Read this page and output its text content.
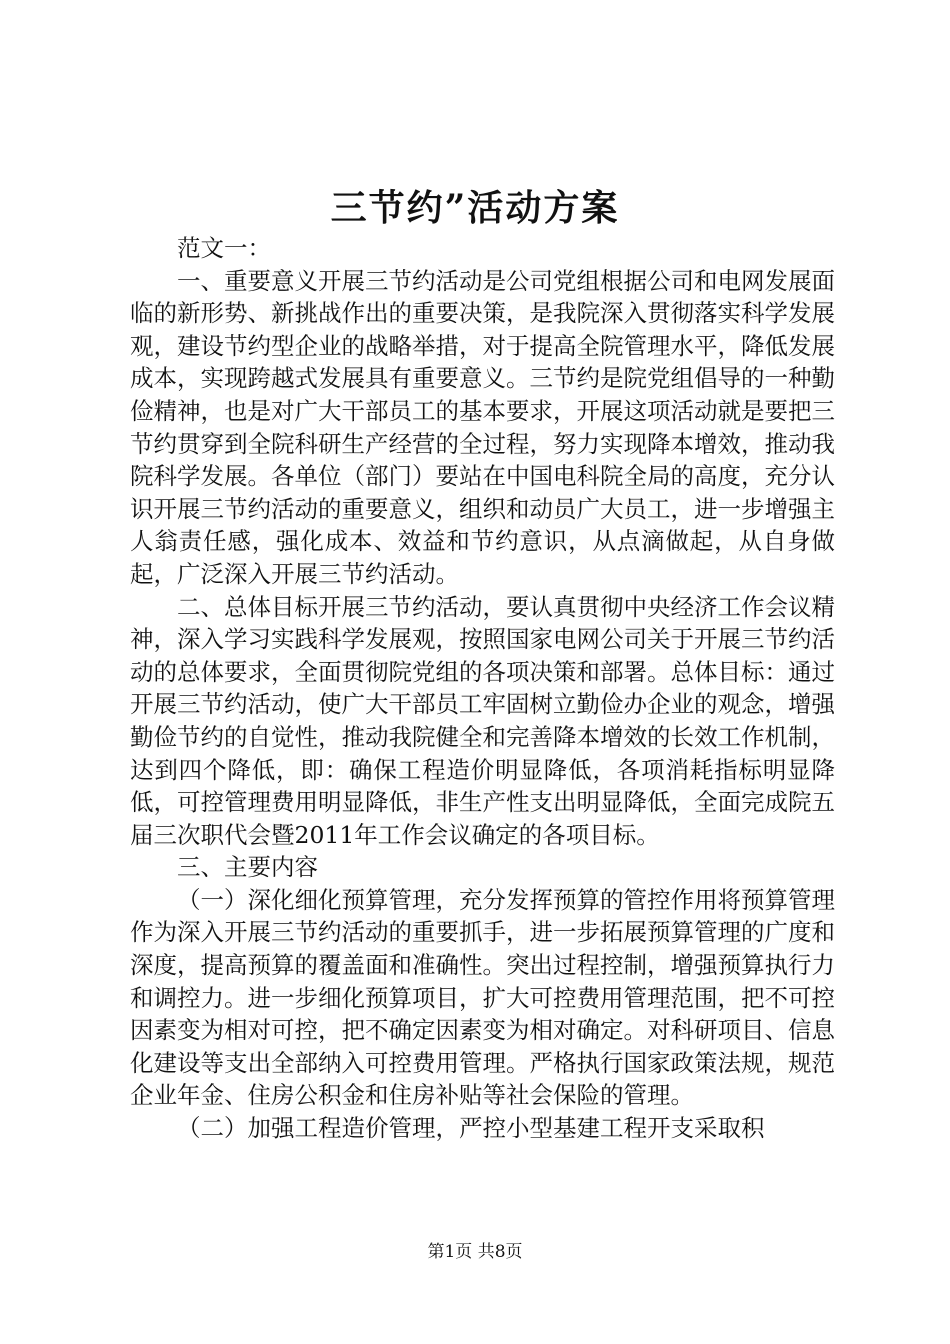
三节约”活动方案

范文一：

一、重要意义开展三节约活动是公司党组根据公司和电网发展面临的新形势、新挑战作出的重要决策，是我院深入贯彻落实科学发展观，建设节约型企业的战略举措，对于提高全院管理水平，降低发展成本，实现跨越式发展具有重要意义。三节约是院党组倡导的一种勤俭精神，也是对广大干部员工的基本要求，开展这项活动就是要把三节约贯穿到全院科研生产经营的全过程，努力实现降本增效，推动我院科学发展。各单位（部门）要站在中国电科院全局的高度，充分认识开展三节约活动的重要意义，组织和动员广大员工，进一步增强主人翁责任感，强化成本、效益和节约意识，从点滴做起，从自身做起，广泛深入开展三节约活动。

二、总体目标开展三节约活动，要认真贯彻中央经济工作会议精神，深入学习实践科学发展观，按照国家电网公司关于开展三节约活动的总体要求，全面贯彻院党组的各项决策和部署。总体目标：通过开展三节约活动，使广大干部员工牢固树立勤俭办企业的观念，增强勤俭节约的自觉性，推动我院健全和完善降本增效的长效工作机制，达到四个降低，即：确保工程造价明显降低，各项消耗指标明显降低，可控管理费用明显降低，非生产性支出明显降低，全面完成院五届三次职代会暨2011年工作会议确定的各项目标。

三、主要内容

（一）深化细化预算管理，充分发挥预算的管控作用将预算管理作为深入开展三节约活动的重要抓手，进一步拓展预算管理的广度和深度，提高预算的覆盖面和准确性。突出过程控制，增强预算执行力和调控力。进一步细化预算项目，扩大可控费用管理范围，把不可控因素变为相对可控，把不确定因素变为相对确定。对科研项目、信息化建设等支出全部纳入可控费用管理。严格执行国家政策法规，规范企业年金、住房公积金和住房补贴等社会保险的管理。

（二）加强工程造价管理，严控小型基建工程开支采取积

第1页 共8页
